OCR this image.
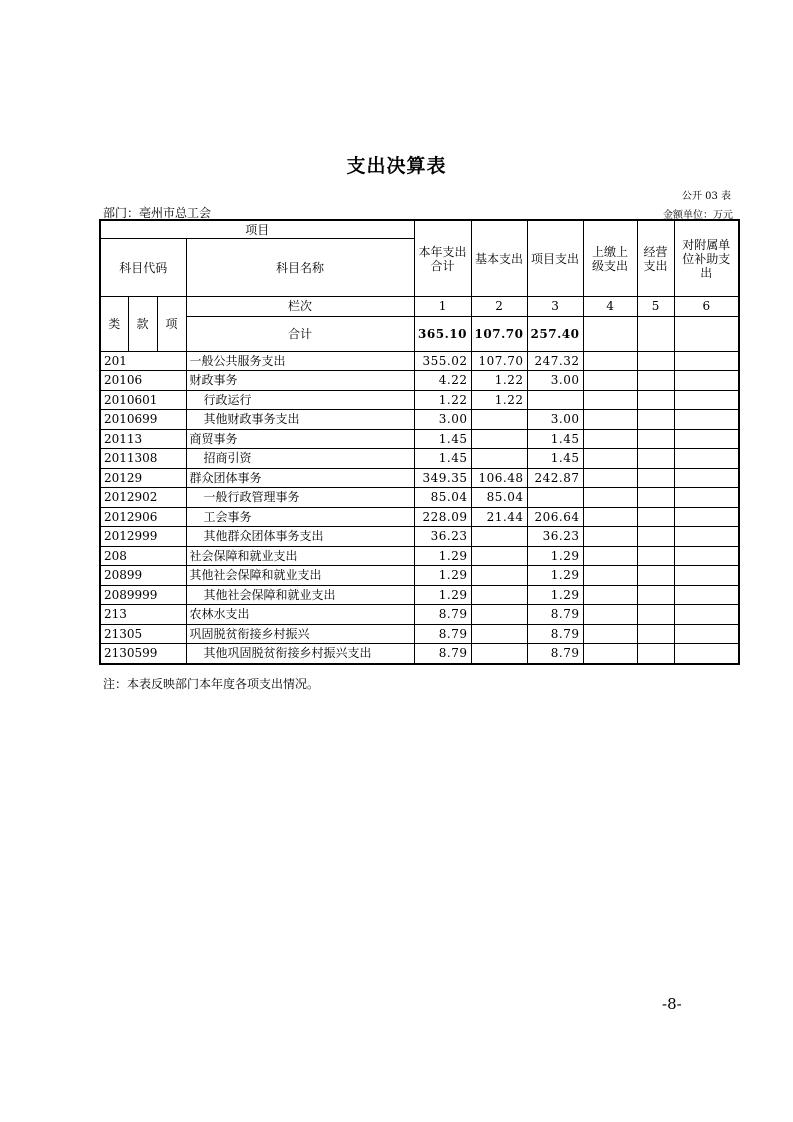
支出决算表
公开 03 表
部门：亳州市总工会	金额单位：万元
项目				本年支出合计	基本支出	项目支出	上缴上级支出	经营支出	对附属单位补助支出
科目代码			科目名称						
类	款	项	栏次	1	2	3	4	5	6
			合计	365.10	107.70	257.40			
201			一般公共服务支出	355.02	107.70	247.32			
20106			财政事务	4.22	1.22	3.00			
2010601			行政运行	1.22	1.22				
2010699			其他财政事务支出	3.00		3.00			
20113			商贸事务	1.45		1.45			
2011308			招商引资	1.45		1.45			
20129			群众团体事务	349.35	106.48	242.87			
2012902			一般行政管理事务	85.04	85.04				
2012906			工会事务	228.09	21.44	206.64			
2012999			其他群众团体事务支出	36.23		36.23			
208			社会保障和就业支出	1.29		1.29			
20899			其他社会保障和就业支出	1.29		1.29			
2089999			其他社会保障和就业支出	1.29		1.29			
213			农林水支出	8.79		8.79			
21305			巩固脱贫衔接乡村振兴	8.79		8.79			
2130599			其他巩固脱贫衔接乡村振兴支出	8.79		8.79			
注：本表反映部门本年度各项支出情况。
-8-
